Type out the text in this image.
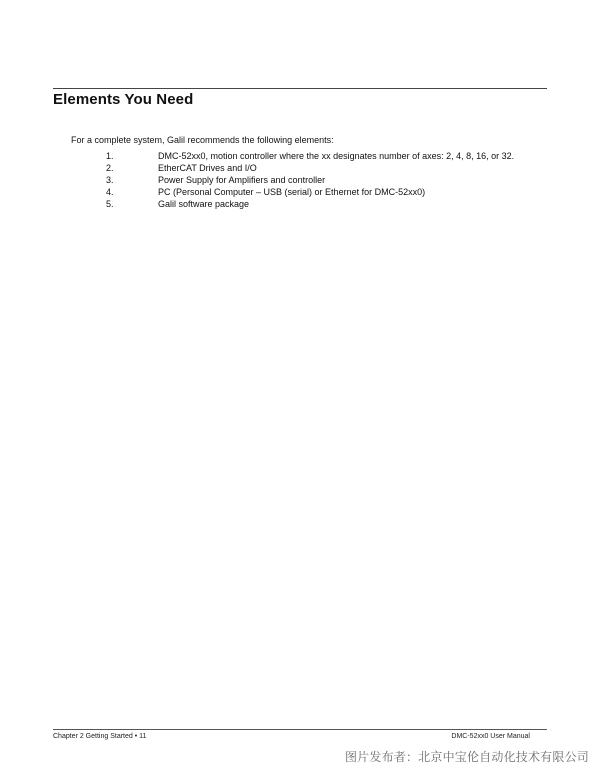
Elements You Need

For a complete system, Galil recommends the following elements:

1.	DMC-52xx0, motion controller where the xx designates number of axes: 2, 4, 8, 16, or 32.
2.	EtherCAT Drives and I/O
3.	Power Supply for Amplifiers and controller
4.	PC (Personal Computer – USB (serial) or Ethernet for DMC-52xx0)
5.	Galil software package
Chapter 2 Getting Started • 11	DMC-52xx0 User Manual
图片发布者：北京中宝伦自动化技术有限公司
